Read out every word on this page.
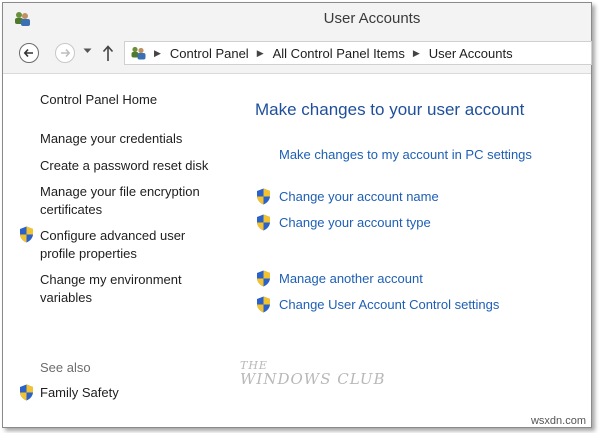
User Accounts
▶ Control Panel ▶ All Control Panel Items ▶ User Accounts
Control Panel Home
Manage your credentials
Create a password reset disk
Manage your file encryption certificates
Configure advanced user profile properties
Change my environment variables
See also
Family Safety
Make changes to your user account
Make changes to my account in PC settings
Change your account name
Change your account type
Manage another account
Change User Account Control settings
THE
WINDOWS CLUB
wsxdn.com
